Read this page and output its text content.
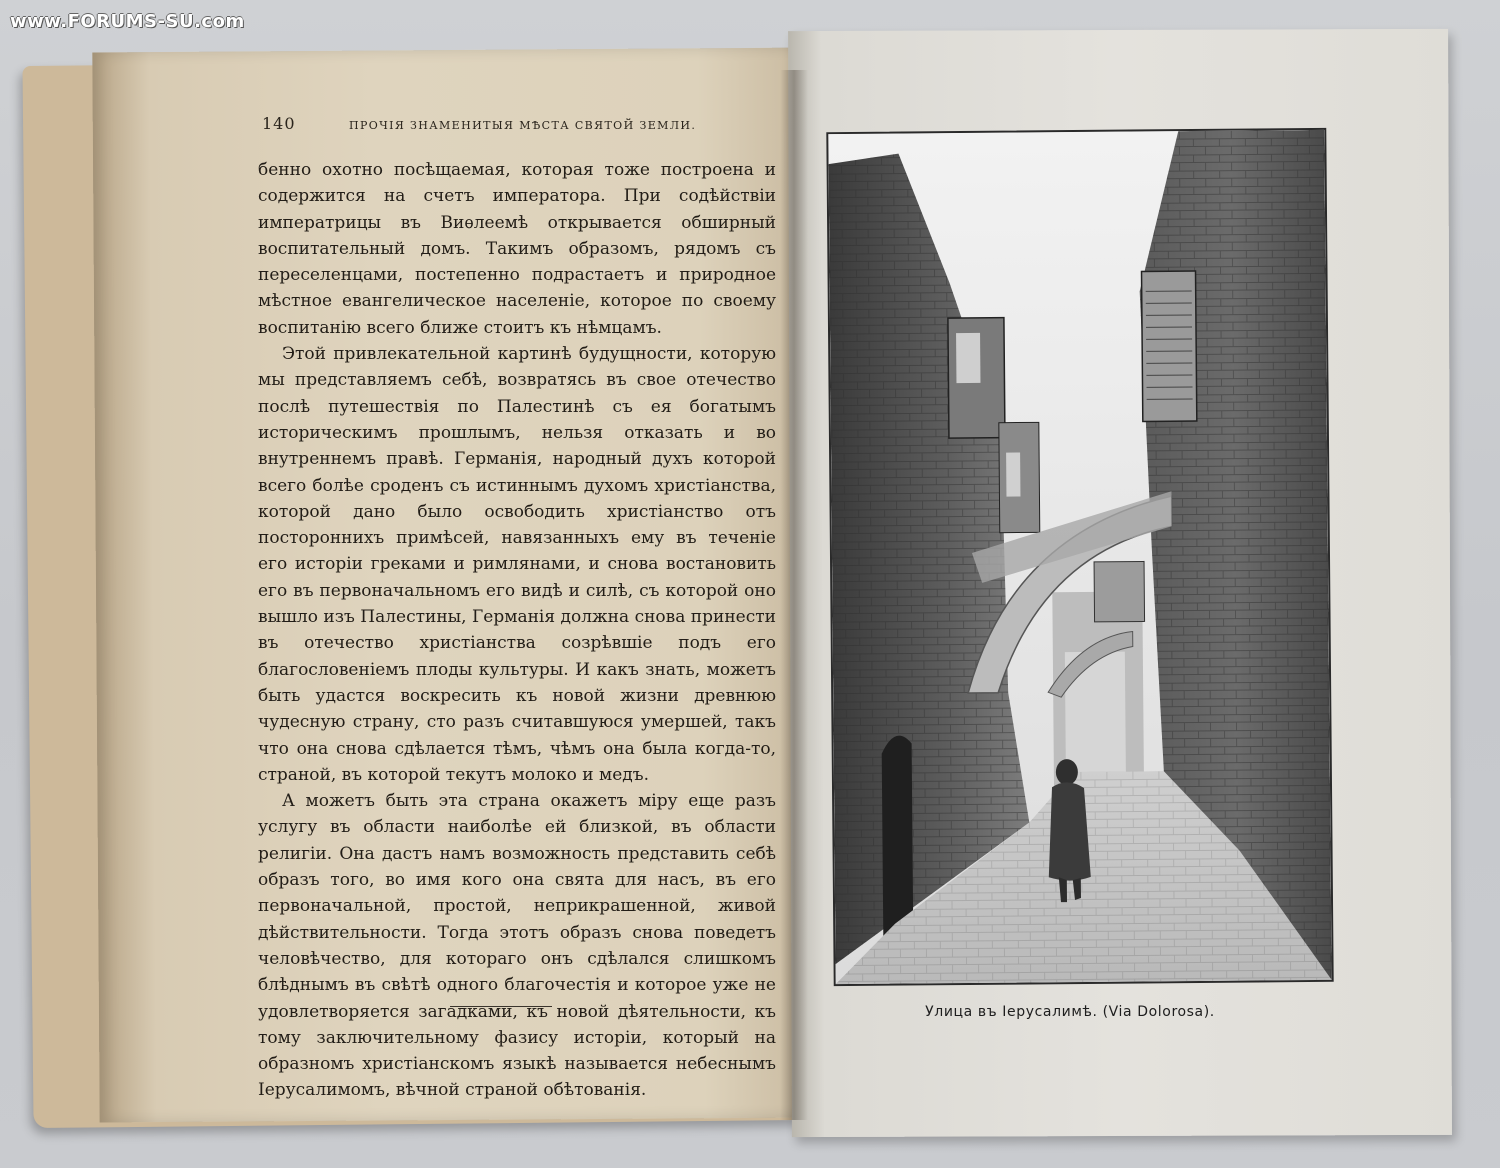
140	ПРОЧІЯ ЗНАМЕНИТЫЯ МѢСТА СВЯТОЙ ЗЕМЛИ.

бенно охотно посѣщаемая, которая тоже построена и содержится на счетъ императора. При содѣйствіи императрицы въ Виѳлеемѣ открывается обширный воспитательный домъ. Такимъ образомъ, рядомъ съ переселенцами, постепенно подрастаетъ и природное мѣстное евангелическое населеніе, которое по своему воспитанію всего ближе стоитъ къ нѣмцамъ.

Этой привлекательной картинѣ будущности, которую мы представляемъ себѣ, возвратясь въ свое отечество послѣ путешествія по Палестинѣ съ ея богатымъ историческимъ прошлымъ, нельзя отказать и во внутреннемъ правѣ. Германія, народный духъ которой всего болѣе сроденъ съ истиннымъ духомъ христіанства, которой дано было освободить христіанство отъ постороннихъ примѣсей, навязанныхъ ему въ теченіе его исторіи греками и римлянами, и снова востановить его въ первоначальномъ его видѣ и силѣ, съ которой оно вышло изъ Палестины, Германія должна снова принести въ отечество христіанства созрѣвшіе подъ его благословеніемъ плоды культуры. И какъ знать, можетъ быть удастся воскресить къ новой жизни древнюю чудесную страну, сто разъ считавшуюся умершей, такъ что она снова сдѣлается тѣмъ, чѣмъ она была когда-то, страной, въ которой текутъ молоко и медъ.

А можетъ быть эта страна окажетъ міру еще разъ услугу въ области наиболѣе ей близкой, въ области религіи. Она дастъ намъ возможность представить себѣ образъ того, во имя кого она свята для насъ, въ его первоначальной, простой, неприкрашенной, живой дѣйствительности. Тогда этотъ образъ снова поведетъ человѣчество, для котораго онъ сдѣлался слишкомъ блѣднымъ въ свѣтѣ одного благочестія и которое уже не удовлетворяется загадками, къ новой дѣятельности, къ тому заключительному фазису исторіи, который на образномъ христіанскомъ языкѣ называется небеснымъ Іерусалимомъ, вѣчной страной обѣтованія.

Улица въ Іерусалимѣ. (Via Dolorosa).
www.FORUMS-SU.com
